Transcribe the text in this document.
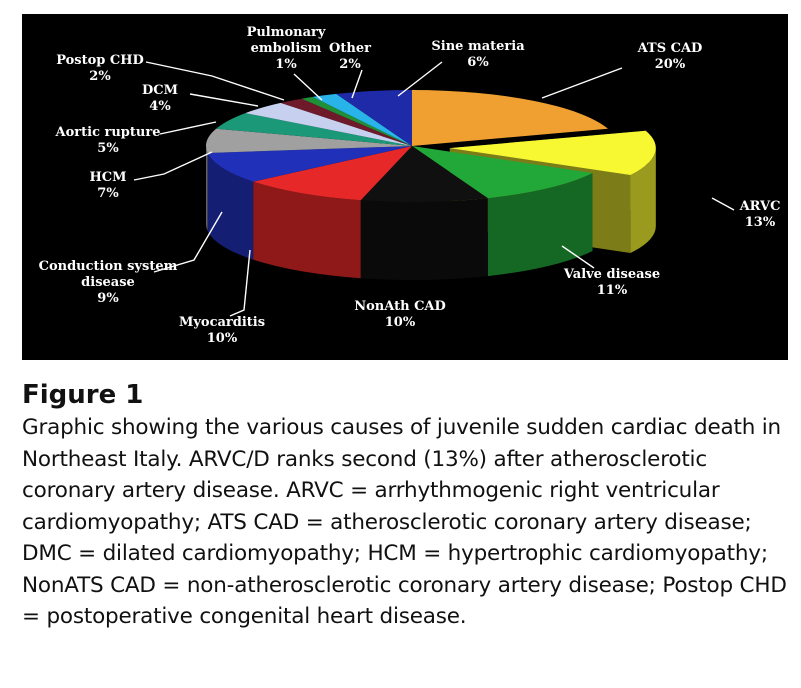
ATS CAD 20%
ARVC 13%
Valve disease 11%
NonAth CAD 10%
Myocarditis 10%
Conduction system disease 9%
HCM 7%
Aortic rupture 5%
DCM 4%
Postop CHD 2%
Pulmonary embolism 1%
Other 2%
Sine materia 6%
Figure 1
Graphic showing the various causes of juvenile sudden cardiac death in Northeast Italy. ARVC/D ranks second (13%) after atherosclerotic coronary artery disease. ARVC = arrhythmogenic right ventricular cardiomyopathy; ATS CAD = atherosclerotic coronary artery disease; DMC = dilated cardiomyopathy; HCM = hypertrophic cardiomyopathy; NonATS CAD = non-atherosclerotic coronary artery disease; Postop CHD = postoperative congenital heart disease.
